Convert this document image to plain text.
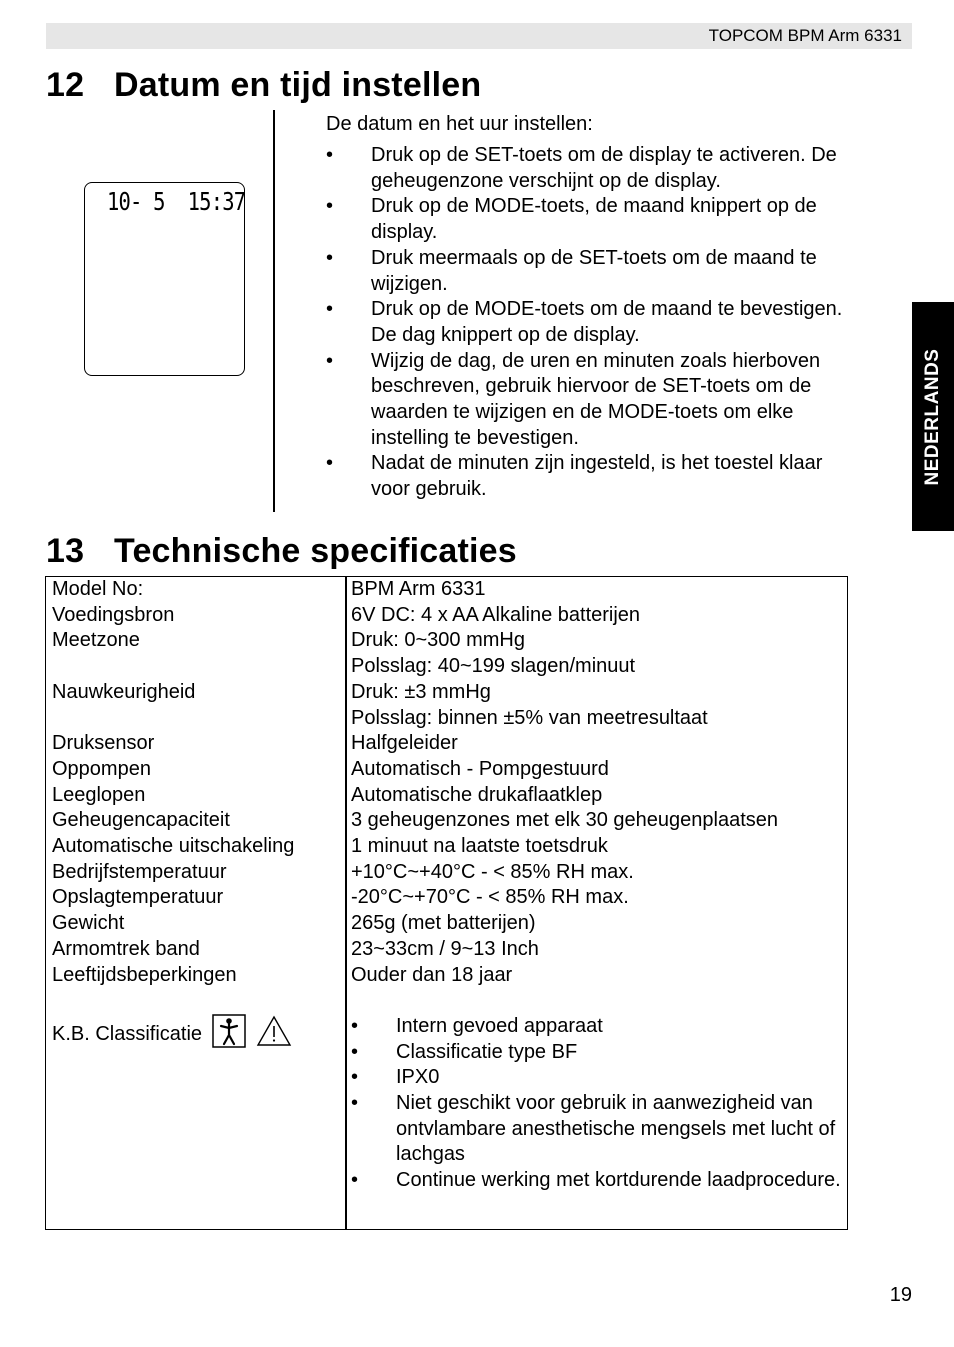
TOPCOM BPM Arm 6331
12 Datum en tijd instellen
10- 5  15:37
De datum en het uur instellen:
• Druk op de SET-toets om de display te activeren. De geheugenzone verschijnt op de display.
• Druk op de MODE-toets, de maand knippert op de display.
• Druk meermaals op de SET-toets om de maand te wijzigen.
• Druk op de MODE-toets om de maand te bevestigen. De dag knippert op de display.
• Wijzig de dag, de uren en minuten zoals hierboven beschreven, gebruik hiervoor de SET-toets om de waarden te wijzigen en de MODE-toets om elke instelling te bevestigen.
• Nadat de minuten zijn ingesteld, is het toestel klaar voor gebruik.
NEDERLANDS
13 Technische specificaties
Model No:
Voedingsbron
Meetzone
Nauwkeurigheid
Druksensor
Oppompen
Leeglopen
Geheugencapaciteit
Automatische uitschakeling
Bedrijfstemperatuur
Opslagtemperatuur
Gewicht
Armomtrek band
Leeftijdsbeperkingen
K.B. Classificatie
BPM Arm 6331
6V DC: 4 x AA Alkaline batterijen
Druk: 0~300 mmHg
Polsslag: 40~199 slagen/minuut
Druk: ±3 mmHg
Polsslag: binnen ±5% van meetresultaat
Halfgeleider
Automatisch - Pompgestuurd
Automatische drukaflaatklep
3 geheugenzones met elk 30 geheugenplaatsen
1 minuut na laatste toetsdruk
+10°C~+40°C - < 85% RH max.
-20°C~+70°C - < 85% RH max.
265g (met batterijen)
23~33cm / 9~13 Inch
Ouder dan 18 jaar
• Intern gevoed apparaat
• Classificatie type BF
• IPX0
• Niet geschikt voor gebruik in aanwezigheid van ontvlambare anesthetische mengsels met lucht of lachgas
• Continue werking met kortdurende laadprocedure.
19
